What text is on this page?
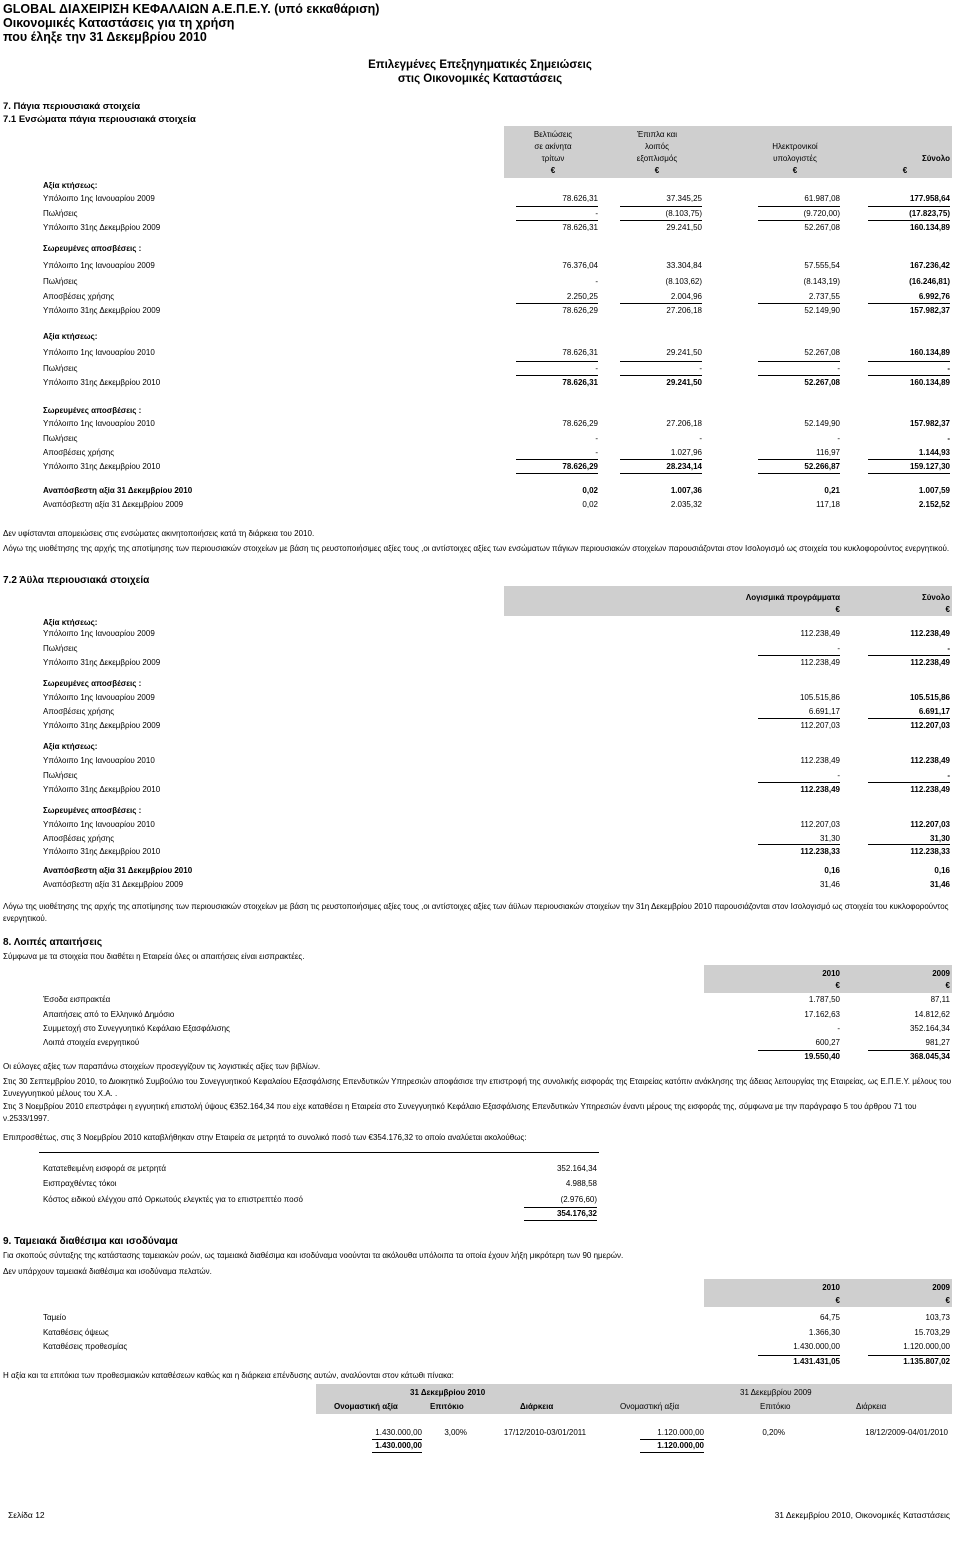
GLOBAL ΔΙΑΧΕΙΡΙΣΗ ΚΕΦΑΛΑΙΩΝ Α.Ε.Π.Ε.Υ. (υπό εκκαθάριση)
Οικονομικές Καταστάσεις για τη χρήση
που έληξε την 31 Δεκεμβρίου 2010
Επιλεγμένες Επεξηγηματικές Σημειώσεις
στις Οικονομικές Καταστάσεις
7. Πάγια περιουσιακά στοιχεία
7.1 Ενσώματα πάγια περιουσιακά στοιχεία
Βελτιώσεις
σε ακίνητα
τρίτων
€
Έπιπλα και
λοιπός
εξοπλισμός
€
Ηλεκτρονικοί
υπολογιστές
€
Σύνολο
€
Αξία κτήσεως:
Υπόλοιπο 1ης Ιανουαρίου 2009	78.626,31	37.345,25	61.987,08	177.958,64
Πωλήσεις	-	(8.103,75)	(9.720,00)	(17.823,75)
Υπόλοιπο 31ης Δεκεμβρίου 2009	78.626,31	29.241,50	52.267,08	160.134,89
Σωρευμένες αποσβέσεις :
Υπόλοιπο 1ης Ιανουαρίου 2009	76.376,04	33.304,84	57.555,54	167.236,42
Πωλήσεις	-	(8.103,62)	(8.143,19)	(16.246,81)
Αποσβέσεις χρήσης	2.250,25	2.004,96	2.737,55	6.992,76
Υπόλοιπο 31ης Δεκεμβρίου 2009	78.626,29	27.206,18	52.149,90	157.982,37
Αξία κτήσεως:
Υπόλοιπο 1ης Ιανουαρίου 2010	78.626,31	29.241,50	52.267,08	160.134,89
Πωλήσεις	-	-	-	-
Υπόλοιπο 31ης Δεκεμβρίου 2010	78.626,31	29.241,50	52.267,08	160.134,89
Σωρευμένες αποσβέσεις :
Υπόλοιπο 1ης Ιανουαρίου 2010	78.626,29	27.206,18	52.149,90	157.982,37
Πωλήσεις	-	-	-	-
Αποσβέσεις χρήσης	-	1.027,96	116,97	1.144,93
Υπόλοιπο 31ης Δεκεμβρίου 2010	78.626,29	28.234,14	52.266,87	159.127,30
Αναπόσβεστη αξία 31 Δεκεμβρίου 2010	0,02	1.007,36	0,21	1.007,59
Αναπόσβεστη αξία 31 Δεκεμβρίου 2009	0,02	2.035,32	117,18	2.152,52
Δεν υφίστανται απομειώσεις στις ενσώματες ακινητοποιήσεις κατά τη διάρκεια του 2010.
Λόγω της υιοθέτησης της αρχής της αποτίμησης των περιουσιακών στοιχείων με βάση τις ρευστοποιήσιμες αξίες τους ,οι αντίστοιχες αξίες των ενσώματων πάγιων περιουσιακών στοιχείων παρουσιάζονται στον Ισολογισμό ως στοιχεία του κυκλοφορούντος ενεργητικού.
7.2 Άϋλα περιουσιακά στοιχεία
Λογισμικά προγράμματα
€
Σύνολο
€
Αξία κτήσεως:
Υπόλοιπο 1ης Ιανουαρίου 2009	112.238,49	112.238,49
Πωλήσεις	-	-
Υπόλοιπο 31ης Δεκεμβρίου 2009	112.238,49	112.238,49
Σωρευμένες αποσβέσεις :
Υπόλοιπο 1ης Ιανουαρίου 2009	105.515,86	105.515,86
Αποσβέσεις χρήσης	6.691,17	6.691,17
Υπόλοιπο 31ης Δεκεμβρίου 2009	112.207,03	112.207,03
Αξία κτήσεως:
Υπόλοιπο 1ης Ιανουαρίου 2010	112.238,49	112.238,49
Πωλήσεις	-	-
Υπόλοιπο 31ης Δεκεμβρίου 2010	112.238,49	112.238,49
Σωρευμένες αποσβέσεις :
Υπόλοιπο 1ης Ιανουαρίου 2010	112.207,03	112.207,03
Αποσβέσεις χρήσης	31,30	31,30
Υπόλοιπο 31ης Δεκεμβρίου 2010	112.238,33	112.238,33
Αναπόσβεστη αξία 31 Δεκεμβρίου 2010	0,16	0,16
Αναπόσβεστη αξία 31 Δεκεμβρίου 2009	31,46	31,46
Λόγω της υιοθέτησης της αρχής της αποτίμησης των περιουσιακών στοιχείων με βάση τις ρευστοποιήσιμες αξίες τους ,οι αντίστοιχες αξίες των άϋλων περιουσιακών στοιχείων την 31η Δεκεμβρίου 2010 παρουσιάζονται στον Ισολογισμό ως στοιχεία του κυκλοφορούντος ενεργητικού.
8. Λοιπές απαιτήσεις
Σύμφωνα με τα στοιχεία που διαθέτει η Εταιρεία όλες οι απαιτήσεις είναι εισπρακτέες.
2010
€
2009
€
Έσοδα εισπρακτέα	1.787,50	87,11
Απαιτήσεις από το Ελληνικό Δημόσιο	17.162,63	14.812,62
Συμμετοχή στο Συνεγγυητικό Κεφάλαιο Εξασφάλισης	-	352.164,34
Λοιπά στοιχεία ενεργητικού	600,27	981,27
19.550,40	368.045,34
Οι εύλογες αξίες των παραπάνω στοιχείων προσεγγίζουν τις λογιστικές αξίες των βιβλίων.
Στις 30 Σεπτεμβρίου 2010, το Διοικητικό Συμβούλιο του Συνεγγυητικού Κεφαλαίου Εξασφάλισης Επενδυτικών Υπηρεσιών αποφάσισε την επιστροφή της συνολικής εισφοράς της Εταιρείας κατόπιν ανάκλησης της άδειας λειτουργίας της Εταιρείας, ως Ε.Π.Ε.Υ. μέλους του Συνεγγυητικού μέλους του Χ.Α. .
Στις 3 Νοεμβρίου 2010 επεστράφει η εγγυητική επιστολή ύψους €352.164,34 που είχε καταθέσει η Εταιρεία στο Συνεγγυητικό Κεφάλαιο Εξασφάλισης Επενδυτικών Υπηρεσιών έναντι μέρους της εισφοράς της, σύμφωνα με την παράγραφο 5 του άρθρου 71 του ν.2533/1997.
Επιπροσθέτως, στις 3 Νοεμβρίου 2010 καταβλήθηκαν στην Εταιρεία σε μετρητά το συνολικό ποσό των €354.176,32 το οποίο αναλύεται ακολούθως:
Κατατεθειμένη εισφορά σε μετρητά	352.164,34
Εισπραχθέντες τόκοι	4.988,58
Κόστος ειδικού ελέγχου από Ορκωτούς ελεγκτές για το επιστρεπτέο ποσό	(2.976,60)
354.176,32
9. Ταμειακά διαθέσιμα και ισοδύναμα
Για σκοπούς σύνταξης της κατάστασης ταμειακών ροών, ως ταμειακά διαθέσιμα και ισοδύναμα νοούνται τα ακόλουθα υπόλοιπα τα οποία έχουν λήξη μικρότερη των 90 ημερών.
Δεν υπάρχουν ταμειακά διαθέσιμα και ισοδύναμα πελατών.
2010
€
2009
€
Ταμείο	64,75	103,73
Καταθέσεις όψεως	1.366,30	15.703,29
Καταθέσεις προθεσμίας	1.430.000,00	1.120.000,00
1.431.431,05	1.135.807,02
Η αξία και τα επιτόκια των προθεσμιακών καταθέσεων καθώς και η διάρκεια επένδυσης αυτών, αναλύονται στον κάτωθι πίνακα:
31 Δεκεμβρίου 2010	31 Δεκεμβρίου 2009
Ονομαστική αξία	Επιτόκιο	Διάρκεια	Ονομαστική αξία	Επιτόκιο	Διάρκεια
1.430.000,00	3,00%	17/12/2010-03/01/2011	1.120.000,00	0,20%	18/12/2009-04/01/2010
1.430.000,00	1.120.000,00
Σελίδα 12	31 Δεκεμβρίου 2010, Οικονομικές Καταστάσεις
